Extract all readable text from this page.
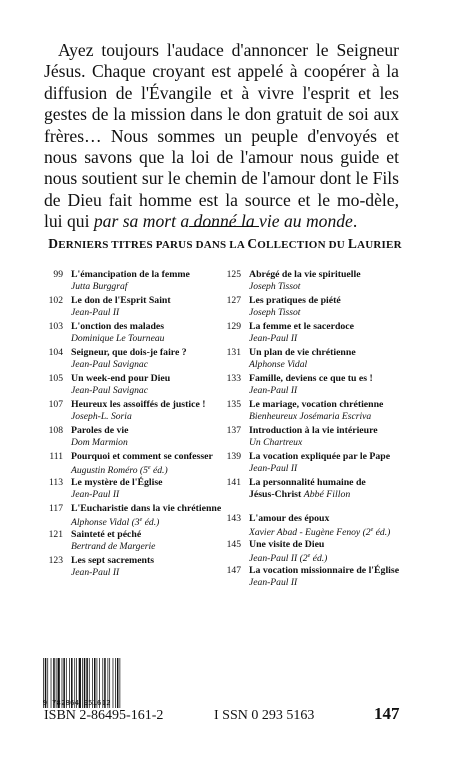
Ayez toujours l'audace d'annoncer le Seigneur Jésus. Chaque croyant est appelé à coopérer à la diffusion de l'Évangile et à vivre l'esprit et les gestes de la mission dans le don gratuit de soi aux frères… Nous sommes un peuple d'envoyés et nous savons que la loi de l'amour nous guide et nous soutient sur le chemin de l'amour dont le Fils de Dieu fait homme est la source et le mo-dèle, lui qui par sa mort a donné la vie au monde.

DERNIERS TITRES PARUS DANS LA COLLECTION DU LAURIER
99 L'émancipation de la femme
Jutta Burggraf
102 Le don de l'Esprit Saint
Jean-Paul II
103 L'onction des malades
Dominique Le Tourneau
104 Seigneur, que dois-je faire ?
Jean-Paul Savignac
105 Un week-end pour Dieu
Jean-Paul Savignac
107 Heureux les assoiffés de justice !
Joseph-L. Soria
108 Paroles de vie
Dom Marmion
111 Pourquoi et comment se confesser
Augustin Roméro (5e éd.)
113 Le mystère de l'Église
Jean-Paul II
117 L'Eucharistie dans la vie chrétienne
Alphonse Vidal (3e éd.)
121 Sainteté et péché
Bertrand de Margerie
123 Les sept sacrements
Jean-Paul II
125 Abrégé de la vie spirituelle
Joseph Tissot
127 Les pratiques de piété
Joseph Tissot
129 La femme et le sacerdoce
Jean-Paul II
131 Un plan de vie chrétienne
Alphonse Vidal
133 Famille, deviens ce que tu es !
Jean-Paul II
135 Le mariage, vocation chrétienne
Bienheureux Josémaria Escriva
137 Introduction à la vie intérieure
Un Chartreux
139 La vocation expliquée par le Pape
Jean-Paul II
141 La personnalité humaine de
Jésus-Christ Abbé Fillon
143 L'amour des époux
Xavier Abad - Eugène Fenoy (2e éd.)
145 Une visite de Dieu
Jean-Paul II (2e éd.)
147 La vocation missionnaire de l'Église
Jean-Paul II
9 782864 951612
ISBN 2-86495-161-2	I SSN 0 293 5163	147
